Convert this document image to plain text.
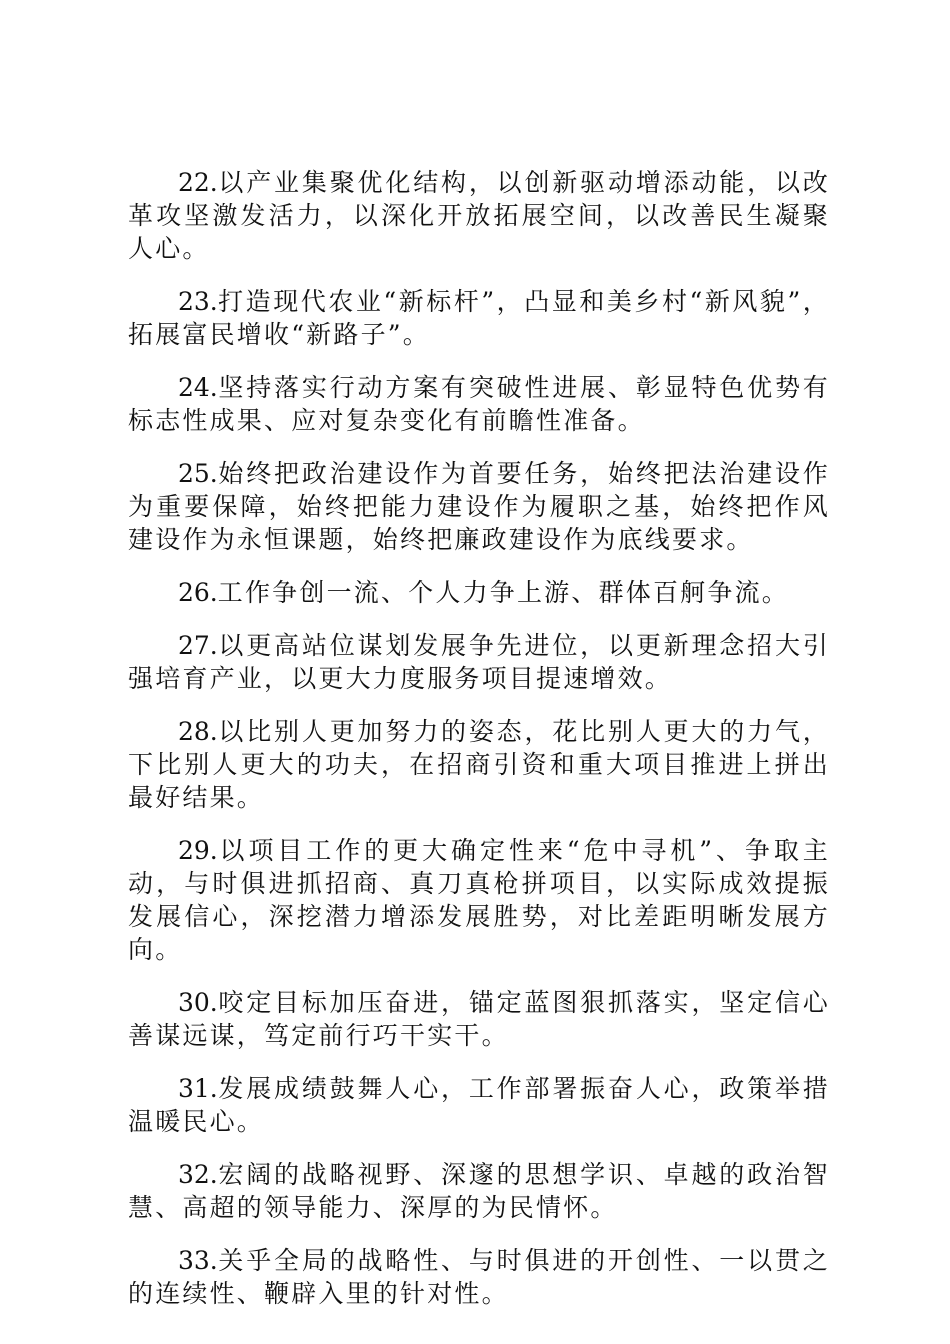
22.以产业集聚优化结构，以创新驱动增添动能，以改革攻坚激发活力，以深化开放拓展空间，以改善民生凝聚人心。

23.打造现代农业“新标杆”，凸显和美乡村“新风貌”，拓展富民增收“新路子”。

24.坚持落实行动方案有突破性进展、彰显特色优势有标志性成果、应对复杂变化有前瞻性准备。

25.始终把政治建设作为首要任务，始终把法治建设作为重要保障，始终把能力建设作为履职之基，始终把作风建设作为永恒课题，始终把廉政建设作为底线要求。

26.工作争创一流、个人力争上游、群体百舸争流。

27.以更高站位谋划发展争先进位，以更新理念招大引强培育产业，以更大力度服务项目提速增效。

28.以比别人更加努力的姿态，花比别人更大的力气，下比别人更大的功夫，在招商引资和重大项目推进上拼出最好结果。

29.以项目工作的更大确定性来“危中寻机”、争取主动，与时俱进抓招商、真刀真枪拼项目，以实际成效提振发展信心，深挖潜力增添发展胜势，对比差距明晰发展方向。

30.咬定目标加压奋进，锚定蓝图狠抓落实，坚定信心善谋远谋，笃定前行巧干实干。

31.发展成绩鼓舞人心，工作部署振奋人心，政策举措温暖民心。

32.宏阔的战略视野、深邃的思想学识、卓越的政治智慧、高超的领导能力、深厚的为民情怀。

33.关乎全局的战略性、与时俱进的开创性、一以贯之的连续性、鞭辟入里的针对性。
